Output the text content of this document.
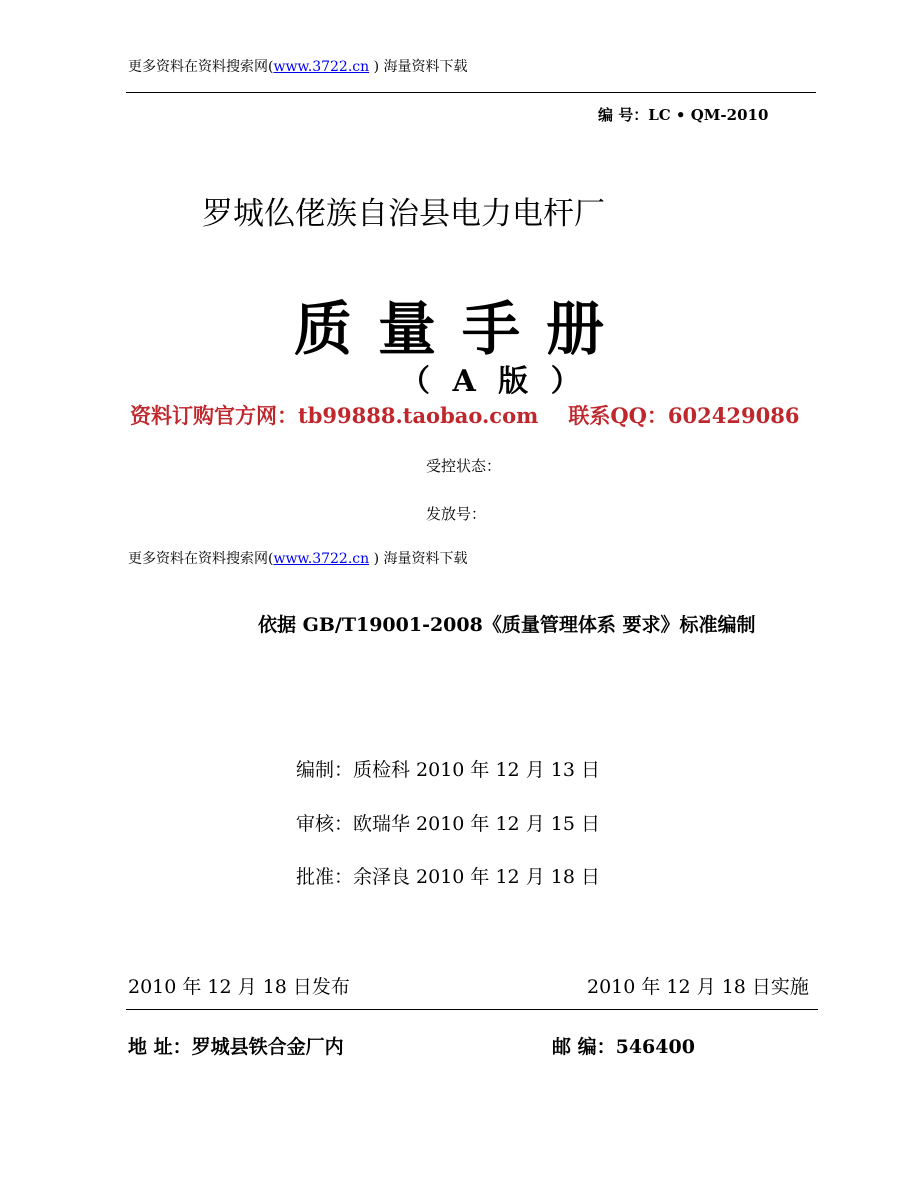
更多资料在资料搜索网(www.3722.cn ) 海量资料下载
编 号：LC • QM-2010
罗城仫佬族自治县电力电杆厂
质量手册
（ A 版 ）
资料订购官方网：tb99888.taobao.com 联系QQ：602429086
受控状态：
发放号：
更多资料在资料搜索网(www.3722.cn ) 海量资料下载
依据 GB/T19001-2008《质量管理体系 要求》标准编制
编制：质检科 2010 年 12 月 13 日
审核：欧瑞华 2010 年 12 月 15 日
批准：余泽良 2010 年 12 月 18 日
2010 年 12 月 18 日发布	2010 年 12 月 18 日实施
地 址：罗城县铁合金厂内	邮 编：546400
